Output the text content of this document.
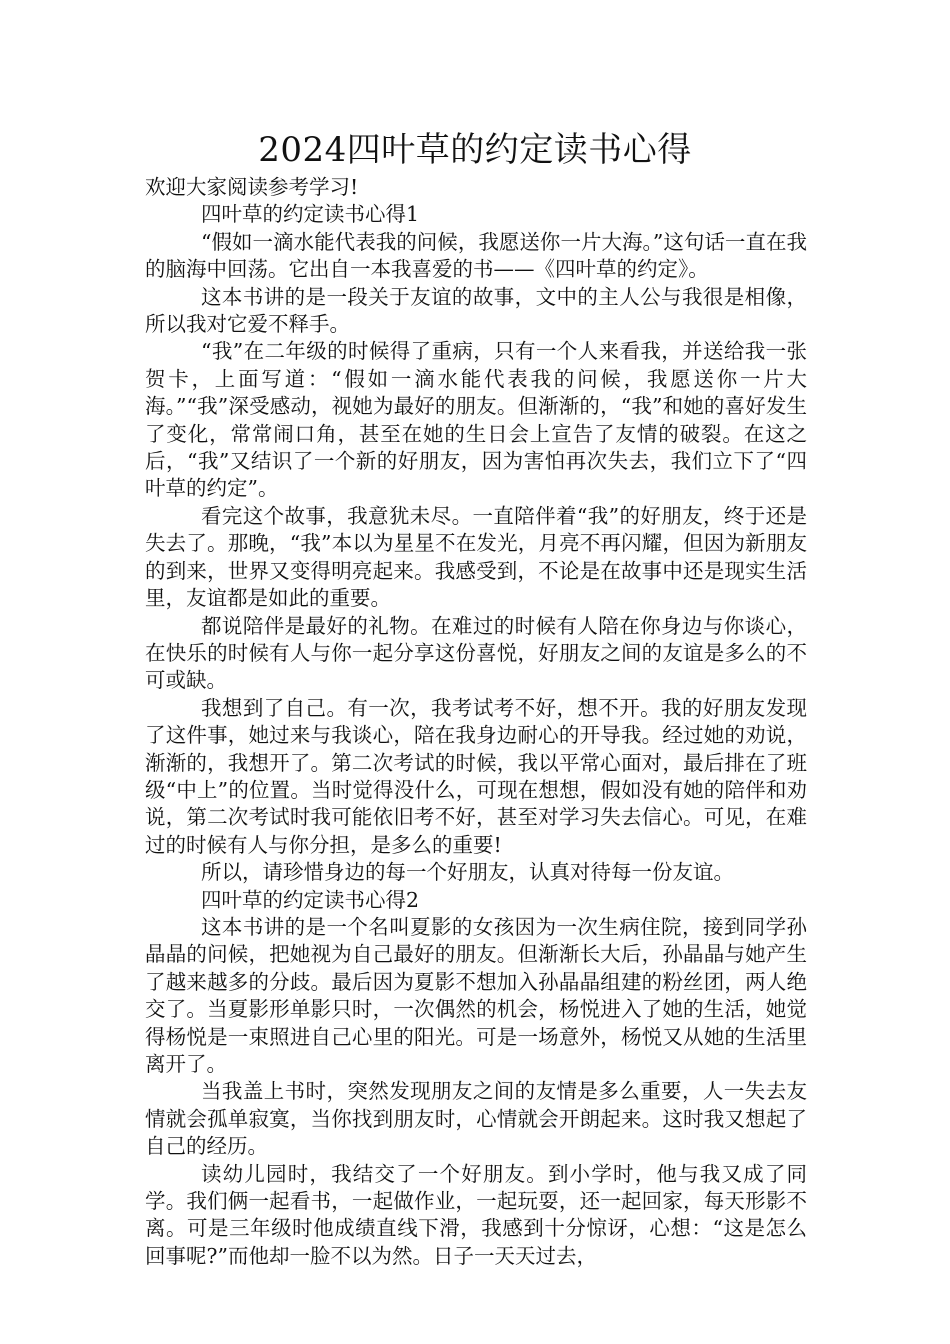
2024四叶草的约定读书心得

欢迎大家阅读参考学习!

四叶草的约定读书心得1

“假如一滴水能代表我的问候，我愿送你一片大海。”这句话一直在我的脑海中回荡。它出自一本我喜爱的书——《四叶草的约定》。

这本书讲的是一段关于友谊的故事，文中的主人公与我很是相像，所以我对它爱不释手。

“我”在二年级的时候得了重病，只有一个人来看我，并送给我一张贺卡，上面写道：“假如一滴水能代表我的问候，我愿送你一片大海。”“我”深受感动，视她为最好的朋友。但渐渐的，“我”和她的喜好发生了变化，常常闹口角，甚至在她的生日会上宣告了友情的破裂。在这之后，“我”又结识了一个新的好朋友，因为害怕再次失去，我们立下了“四叶草的约定”。

看完这个故事，我意犹未尽。一直陪伴着“我”的好朋友，终于还是失去了。那晚，“我”本以为星星不在发光，月亮不再闪耀，但因为新朋友的到来，世界又变得明亮起来。我感受到，不论是在故事中还是现实生活里，友谊都是如此的重要。

都说陪伴是最好的礼物。在难过的时候有人陪在你身边与你谈心，在快乐的时候有人与你一起分享这份喜悦，好朋友之间的友谊是多么的不可或缺。

我想到了自己。有一次，我考试考不好，想不开。我的好朋友发现了这件事，她过来与我谈心，陪在我身边耐心的开导我。经过她的劝说，渐渐的，我想开了。第二次考试的时候，我以平常心面对，最后排在了班级“中上”的位置。当时觉得没什么，可现在想想，假如没有她的陪伴和劝说，第二次考试时我可能依旧考不好，甚至对学习失去信心。可见，在难过的时候有人与你分担，是多么的重要!

所以，请珍惜身边的每一个好朋友，认真对待每一份友谊。

四叶草的约定读书心得2

这本书讲的是一个名叫夏影的女孩因为一次生病住院，接到同学孙晶晶的问候，把她视为自己最好的朋友。但渐渐长大后，孙晶晶与她产生了越来越多的分歧。最后因为夏影不想加入孙晶晶组建的粉丝团，两人绝交了。当夏影形单影只时，一次偶然的机会，杨悦进入了她的生活，她觉得杨悦是一束照进自己心里的阳光。可是一场意外，杨悦又从她的生活里离开了。

当我盖上书时，突然发现朋友之间的友情是多么重要，人一失去友情就会孤单寂寞，当你找到朋友时，心情就会开朗起来。这时我又想起了自己的经历。

读幼儿园时，我结交了一个好朋友。到小学时，他与我又成了同学。我们俩一起看书，一起做作业，一起玩耍，还一起回家，每天形影不离。可是三年级时他成绩直线下滑，我感到十分惊讶，心想：“这是怎么回事呢?”而他却一脸不以为然。日子一天天过去，
